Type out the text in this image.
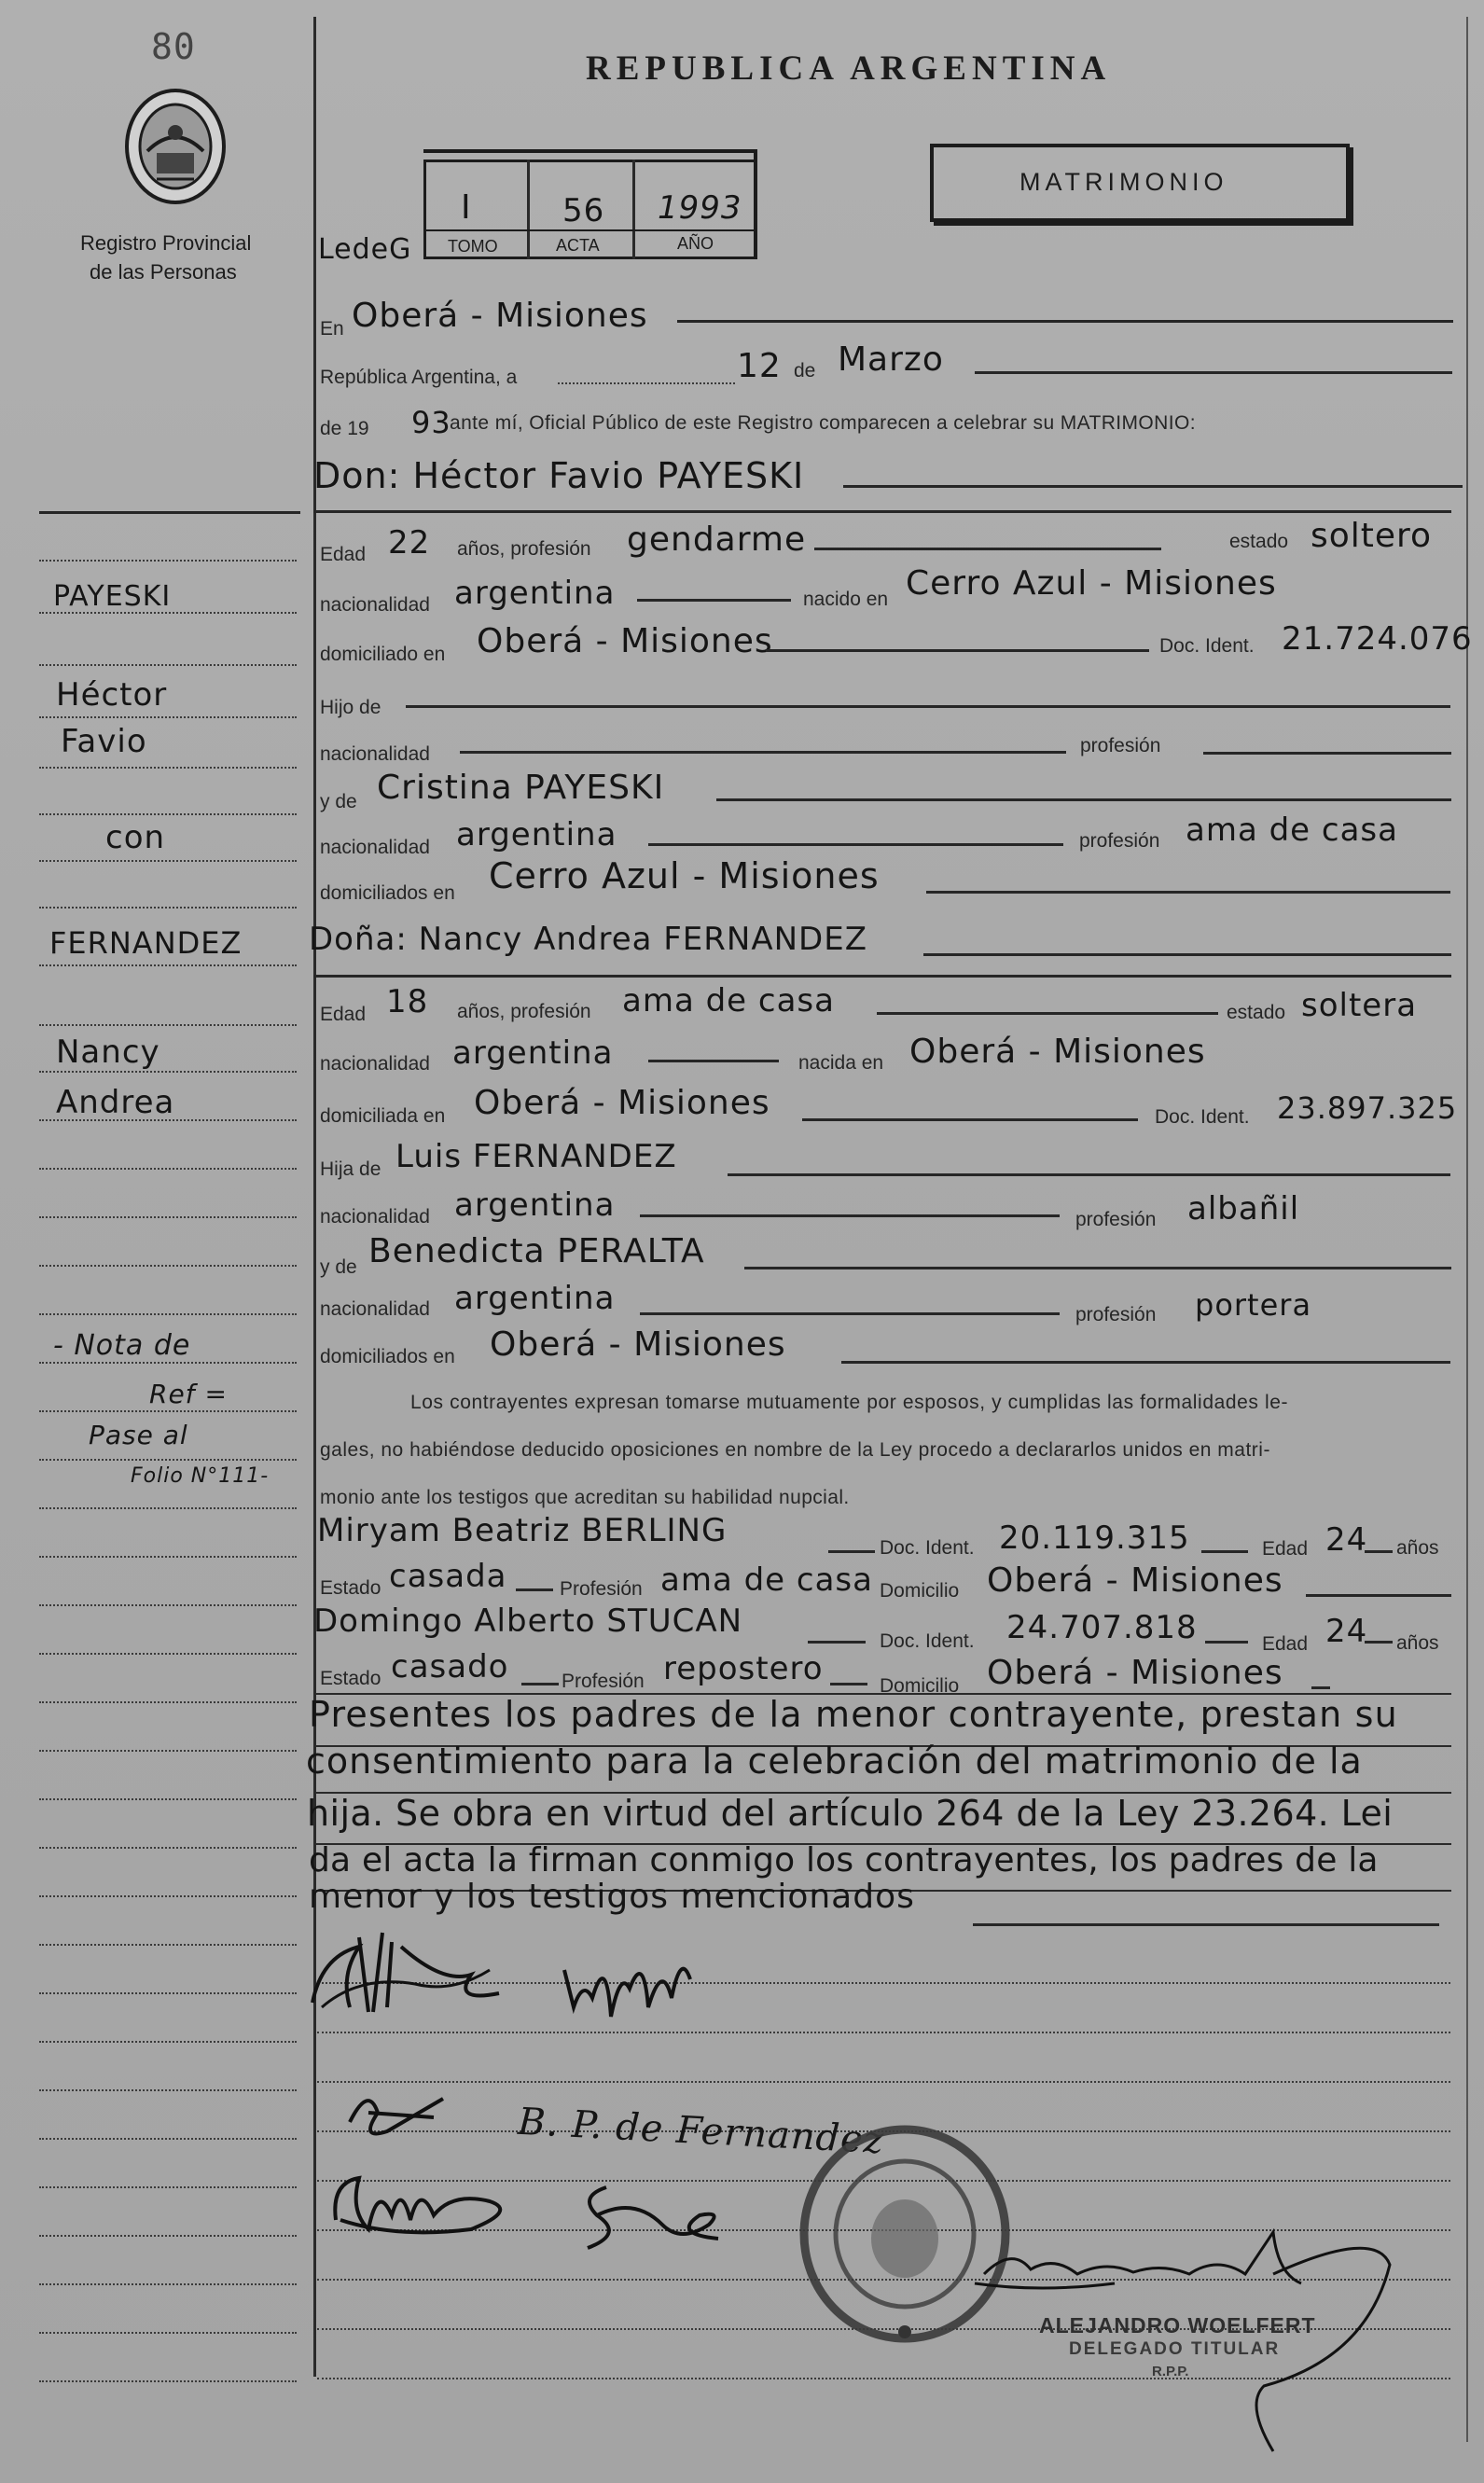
80
Registro Provincial
de las Personas
REPUBLICA ARGENTINA
MATRIMONIO
I	56 1993
TOMO	ACTA	AÑO
LedeG
En Oberá - Misiones
República Argentina, a	12 de Marzo
de 19 93
ante mí, Oficial Público de este Registro comparecen a celebrar su MATRIMONIO:
Don: Héctor Favio PAYESKI
Edad 22 años, profesión gendarme	estado soltero
nacionalidad argentina	nacido en Cerro Azul - Misiones
domiciliado en Oberá - Misiones	Doc. Ident. 21.724.076
Hijo de
nacionalidad	profesión
y de Cristina PAYESKI
nacionalidad argentina	profesión ama de casa
domiciliados en Cerro Azul - Misiones
Doña: Nancy Andrea FERNANDEZ
Edad 18 años, profesión ama de casa	estado soltera
nacionalidad argentina	nacida en Oberá - Misiones
domiciliada en Oberá - Misiones	Doc. Ident. 23.897.325
Hija de Luis FERNANDEZ
nacionalidad argentina	profesión albañil
y de Benedicta PERALTA
nacionalidad argentina	profesión portera
domiciliados en Oberá - Misiones
Los contrayentes expresan tomarse mutuamente por esposos, y cumplidas las formalidades le-
gales, no habiéndose deducido oposiciones en nombre de la Ley procedo a declararlos unidos en matri-
monio ante los testigos que acreditan su habilidad nupcial.
Miryam Beatriz BERLING	Doc. Ident. 20.119.315	Edad 24 años
Estado casada	Profesión ama de casa Domicilio Oberá - Misiones
Domingo Alberto STUCAN
Doc. Ident. 24.707.818	Edad 24 años
Estado casado	Profesión repostero	Domicilio Oberá - Misiones
Presentes los padres de la menor contrayente, prestan su
consentimiento para la celebración del matrimonio de la
hija. Se obra en virtud del artículo 264 de la Ley 23.264. Lei
da el acta la firman conmigo los contrayentes, los padres de la
menor y los testigos mencionados
B. P. de Fernandez
ALEJANDRO WOELFERT
DELEGADO TITULAR
R.P.P.
PAYESKI
Héctor
Favio
con
FERNANDEZ
Nancy
Andrea
- Nota de
Ref =
Pase al
Folio N°111-
